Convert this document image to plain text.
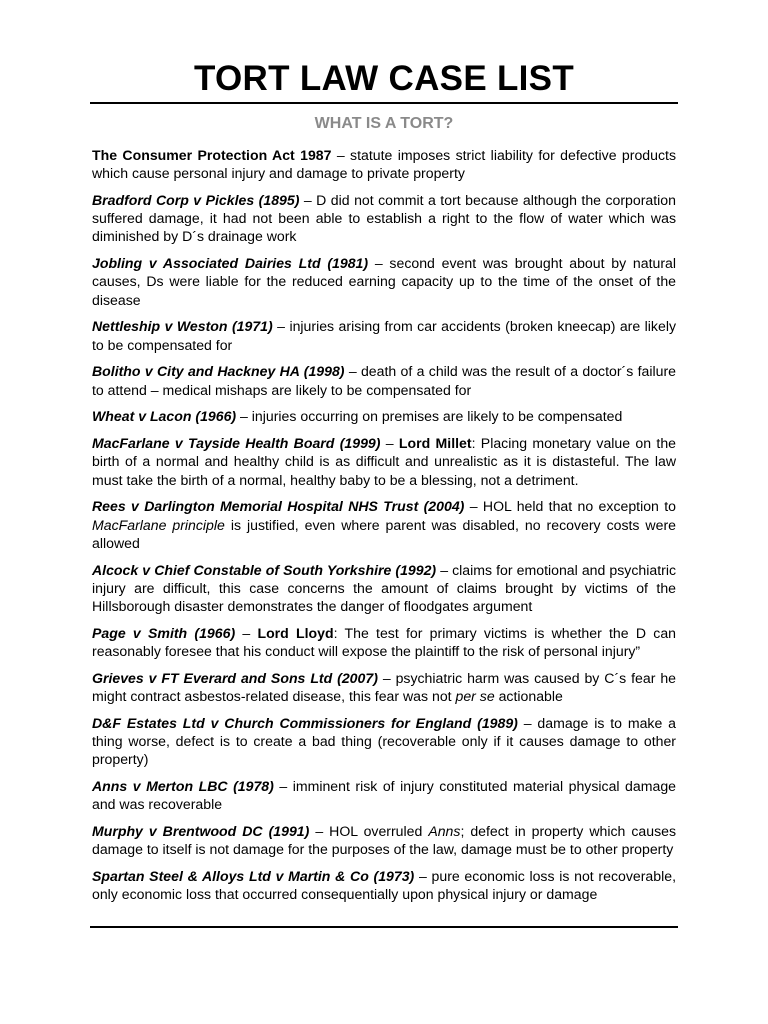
TORT LAW CASE LIST
WHAT IS A TORT?
The Consumer Protection Act 1987 – statute imposes strict liability for defective products which cause personal injury and damage to private property
Bradford Corp v Pickles (1895) – D did not commit a tort because although the corporation suffered damage, it had not been able to establish a right to the flow of water which was diminished by D´s drainage work
Jobling v Associated Dairies Ltd (1981) – second event was brought about by natural causes, Ds were liable for the reduced earning capacity up to the time of the onset of the disease
Nettleship v Weston (1971) – injuries arising from car accidents (broken kneecap) are likely to be compensated for
Bolitho v City and Hackney HA (1998) – death of a child was the result of a doctor´s failure to attend – medical mishaps are likely to be compensated for
Wheat v Lacon (1966) – injuries occurring on premises are likely to be compensated
MacFarlane v Tayside Health Board (1999) – Lord Millet: Placing monetary value on the birth of a normal and healthy child is as difficult and unrealistic as it is distasteful. The law must take the birth of a normal, healthy baby to be a blessing, not a detriment.
Rees v Darlington Memorial Hospital NHS Trust (2004) – HOL held that no exception to MacFarlane principle is justified, even where parent was disabled, no recovery costs were allowed
Alcock v Chief Constable of South Yorkshire (1992) – claims for emotional and psychiatric injury are difficult, this case concerns the amount of claims brought by victims of the Hillsborough disaster demonstrates the danger of floodgates argument
Page v Smith (1966) – Lord Lloyd: The test for primary victims is whether the D can reasonably foresee that his conduct will expose the plaintiff to the risk of personal injury”
Grieves v FT Everard and Sons Ltd (2007) – psychiatric harm was caused by C´s fear he might contract asbestos-related disease, this fear was not per se actionable
D&F Estates Ltd v Church Commissioners for England (1989) – damage is to make a thing worse, defect is to create a bad thing (recoverable only if it causes damage to other property)
Anns v Merton LBC (1978) – imminent risk of injury constituted material physical damage and was recoverable
Murphy v Brentwood DC (1991) – HOL overruled Anns; defect in property which causes damage to itself is not damage for the purposes of the law, damage must be to other property
Spartan Steel & Alloys Ltd v Martin & Co (1973) – pure economic loss is not recoverable, only economic loss that occurred consequentially upon physical injury or damage
